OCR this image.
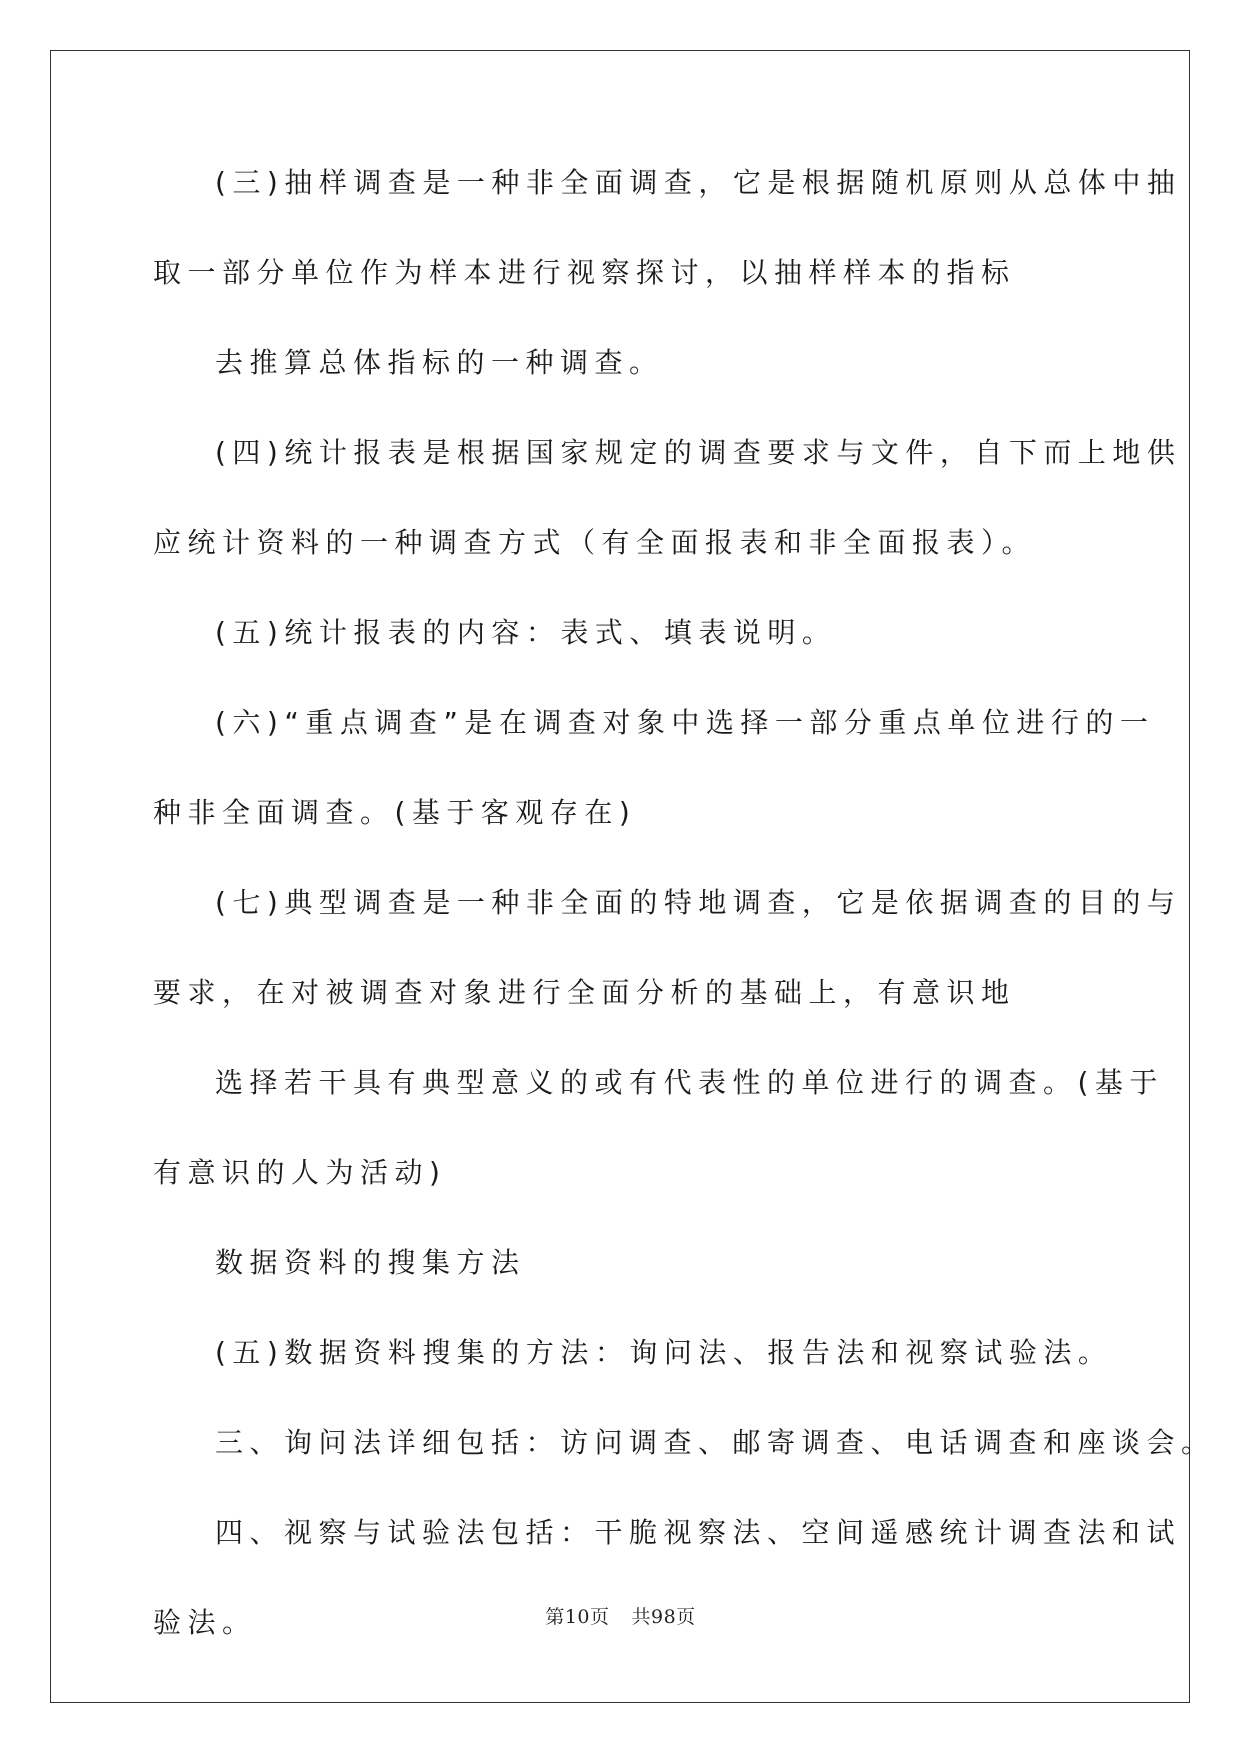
(三)抽样调查是一种非全面调查，它是根据随机原则从总体中抽

取一部分单位作为样本进行视察探讨，以抽样样本的指标

去推算总体指标的一种调查。

(四)统计报表是根据国家规定的调查要求与文件，自下而上地供

应统计资料的一种调查方式（有全面报表和非全面报表）。

(五)统计报表的内容：表式、填表说明。

(六)“重点调查”是在调查对象中选择一部分重点单位进行的一

种非全面调查。(基于客观存在)

(七)典型调查是一种非全面的特地调查，它是依据调查的目的与

要求，在对被调查对象进行全面分析的基础上，有意识地

选择若干具有典型意义的或有代表性的单位进行的调查。(基于

有意识的人为活动)

数据资料的搜集方法

(五)数据资料搜集的方法：询问法、报告法和视察试验法。

三、询问法详细包括：访问调查、邮寄调查、电话调查和座谈会。

四、视察与试验法包括：干脆视察法、空间遥感统计调查法和试

验法。	第10页 共98页
